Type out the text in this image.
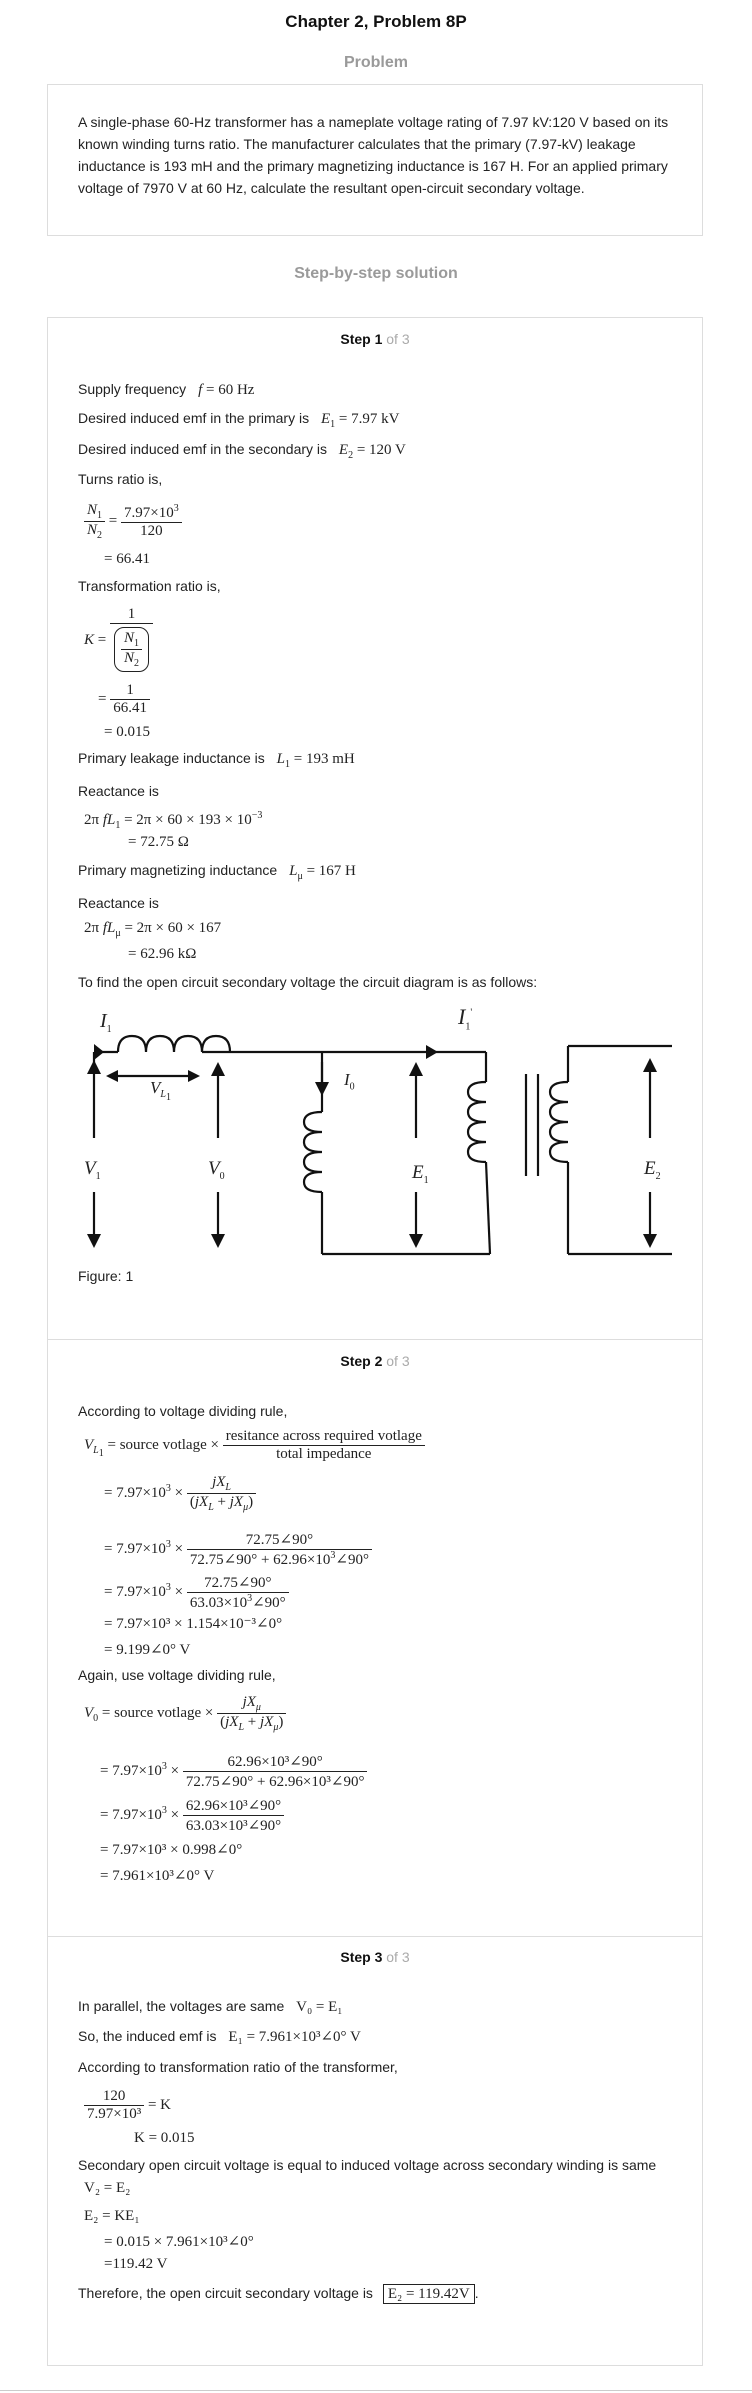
Chapter 2, Problem 8P
Problem
A single-phase 60-Hz transformer has a nameplate voltage rating of 7.97 kV:120 V based on its known winding turns ratio. The manufacturer calculates that the primary (7.97-kV) leakage inductance is 193 mH and the primary magnetizing inductance is 167 H. For an applied primary voltage of 7970 V at 60 Hz, calculate the resultant open-circuit secondary voltage.
Step-by-step solution
Step 1 of 3
Supply frequency f = 60 Hz
Desired induced emf in the primary is $E_1 = 7.97$ kV
Desired induced emf in the secondary is $E_2 = 120$ V
Turns ratio is,
$\frac{N_1}{N_2} = \frac{7.97\times 10^3}{120}$
= 66.41
Transformation ratio is,
$K = \frac{1}{\frac{N_1}{N_2}}$
= $\frac{1}{66.41}$
= 0.015
Primary leakage inductance is $L_1 = 193$ mH
Reactance is
2π $fL_1 = 2\pi \times 60 \times 193 \times 10^{-3}$
= 72.75 Ω
Primary magnetizing inductance $L_\mu = 167$ H
Reactance is
2π $fL_\mu = 2\pi \times 60 \times 167$
= 62.96 kΩ
To find the open circuit secondary voltage the circuit diagram is as follows:
$I_1$
$I_1'$
$I_0$
$V_{L_1}$
$V_1$	$V_0$	$E_1$
$E_2$
Figure: 1
Step 2 of 3
According to voltage dividing rule,
$V_{L_1}$ = source votlage × $\frac{\text{resitance across required votlage}}{\text{total impedance}}$
= $7.97\times 10^3 \times \frac{jX_L}{(jX_L + jX_\mu)}$
= $7.97\times 10^3 \times \frac{72.75\angle 90^\circ}{72.75\angle 90^\circ + 62.96\times 10^3\angle 90^\circ}$
= $7.97\times 10^3 \times \frac{72.75\angle 90^\circ}{63.03\times 10^3\angle 90^\circ}$
= 7.97×10³ × 1.154×10⁻³∠0°
= 9.199∠0° V
Again, use voltage dividing rule,
$V_0$ = source votlage × $\frac{jX_\mu}{(jX_L + jX_\mu)}$
= $7.97\times 10^3 \times \frac{\text{62.96×10³∠90°}}{\text{72.75∠90° + 62.96×10³∠90°}}$
= $7.97\times 10^3 \times \frac{\text{62.96×10³∠90°}}{\text{63.03×10³∠90°}}$
= 7.97×10³ × 0.998∠0°
= 7.961×10³∠0° V
Step 3 of 3
In parallel, the voltages are same V₀ = E₁
So, the induced emf is E₁ = 7.961×10³∠0° V
According to transformation ratio of the transformer,
$\frac{120}{\text{7.97×10³}} = K$
K = 0.015
Secondary open circuit voltage is equal to induced voltage across secondary winding is same
V₂ = E₂
E₂ = KE₁
= 0.015 × 7.961×10³∠0°
=119.42 V
Therefore, the open circuit secondary voltage is E₂ = 119.42V .
